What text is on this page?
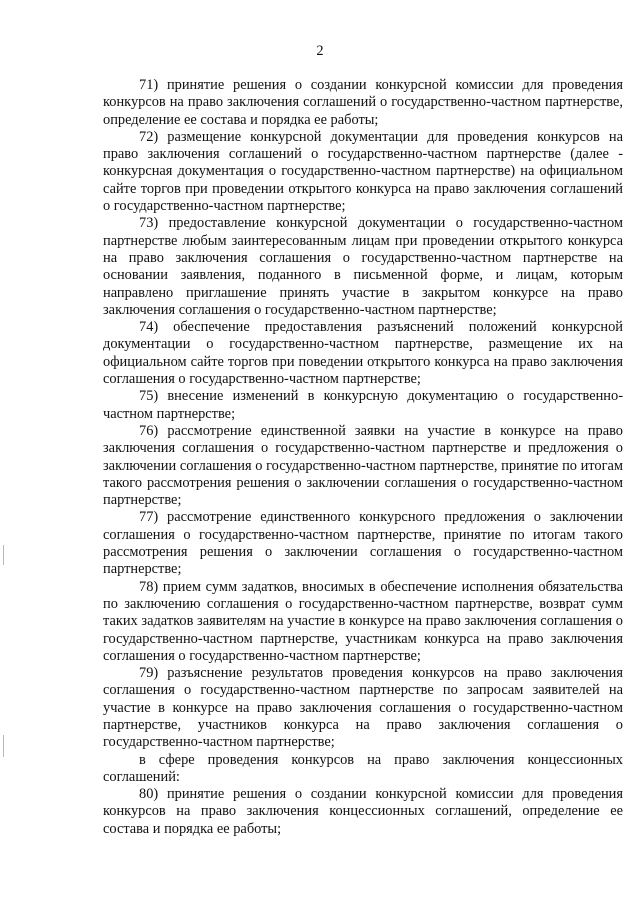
2

71) принятие решения о создании конкурсной комиссии для проведения конкурсов на право заключения соглашений о государственно-частном партнерстве, определение ее состава и порядка ее работы;

72) размещение конкурсной документации для проведения конкурсов на право заключения соглашений о государственно-частном партнерстве (далее - конкурсная документация о государственно-частном партнерстве) на официальном сайте торгов при проведении открытого конкурса на право заключения соглашений о государственно-частном партнерстве;

73) предоставление конкурсной документации о государственно-частном партнерстве любым заинтересованным лицам при проведении открытого конкурса на право заключения соглашения о государственно-частном партнерстве на основании заявления, поданного в письменной форме, и лицам, которым направлено приглашение принять участие в закрытом конкурсе на право заключения соглашения о государственно-частном партнерстве;

74) обеспечение предоставления разъяснений положений конкурсной документации о государственно-частном партнерстве, размещение их на официальном сайте торгов при поведении открытого конкурса на право заключения соглашения о государственно-частном партнерстве;

75) внесение изменений в конкурсную документацию о государственно-частном партнерстве;

76) рассмотрение единственной заявки на участие в конкурсе на право заключения соглашения о государственно-частном партнерстве и предложения о заключении соглашения о государственно-частном партнерстве, принятие по итогам такого рассмотрения решения о заключении соглашения о государственно-частном партнерстве;

77) рассмотрение единственного конкурсного предложения о заключении соглашения о государственно-частном партнерстве, принятие по итогам такого рассмотрения решения о заключении соглашения о государственно-частном партнерстве;

78) прием сумм задатков, вносимых в обеспечение исполнения обязательства по заключению соглашения о государственно-частном партнерстве, возврат сумм таких задатков заявителям на участие в конкурсе на право заключения соглашения о государственно-частном партнерстве, участникам конкурса на право заключения соглашения о государственно-частном партнерстве;

79) разъяснение результатов проведения конкурсов на право заключения соглашения о государственно-частном партнерстве по запросам заявителей на участие в конкурсе на право заключения соглашения о государственно-частном партнерстве, участников конкурса на право заключения соглашения о государственно-частном партнерстве;

в сфере проведения конкурсов на право заключения концессионных соглашений:

80) принятие решения о создании конкурсной комиссии для проведения конкурсов на право заключения концессионных соглашений, определение ее состава и порядка ее работы;
